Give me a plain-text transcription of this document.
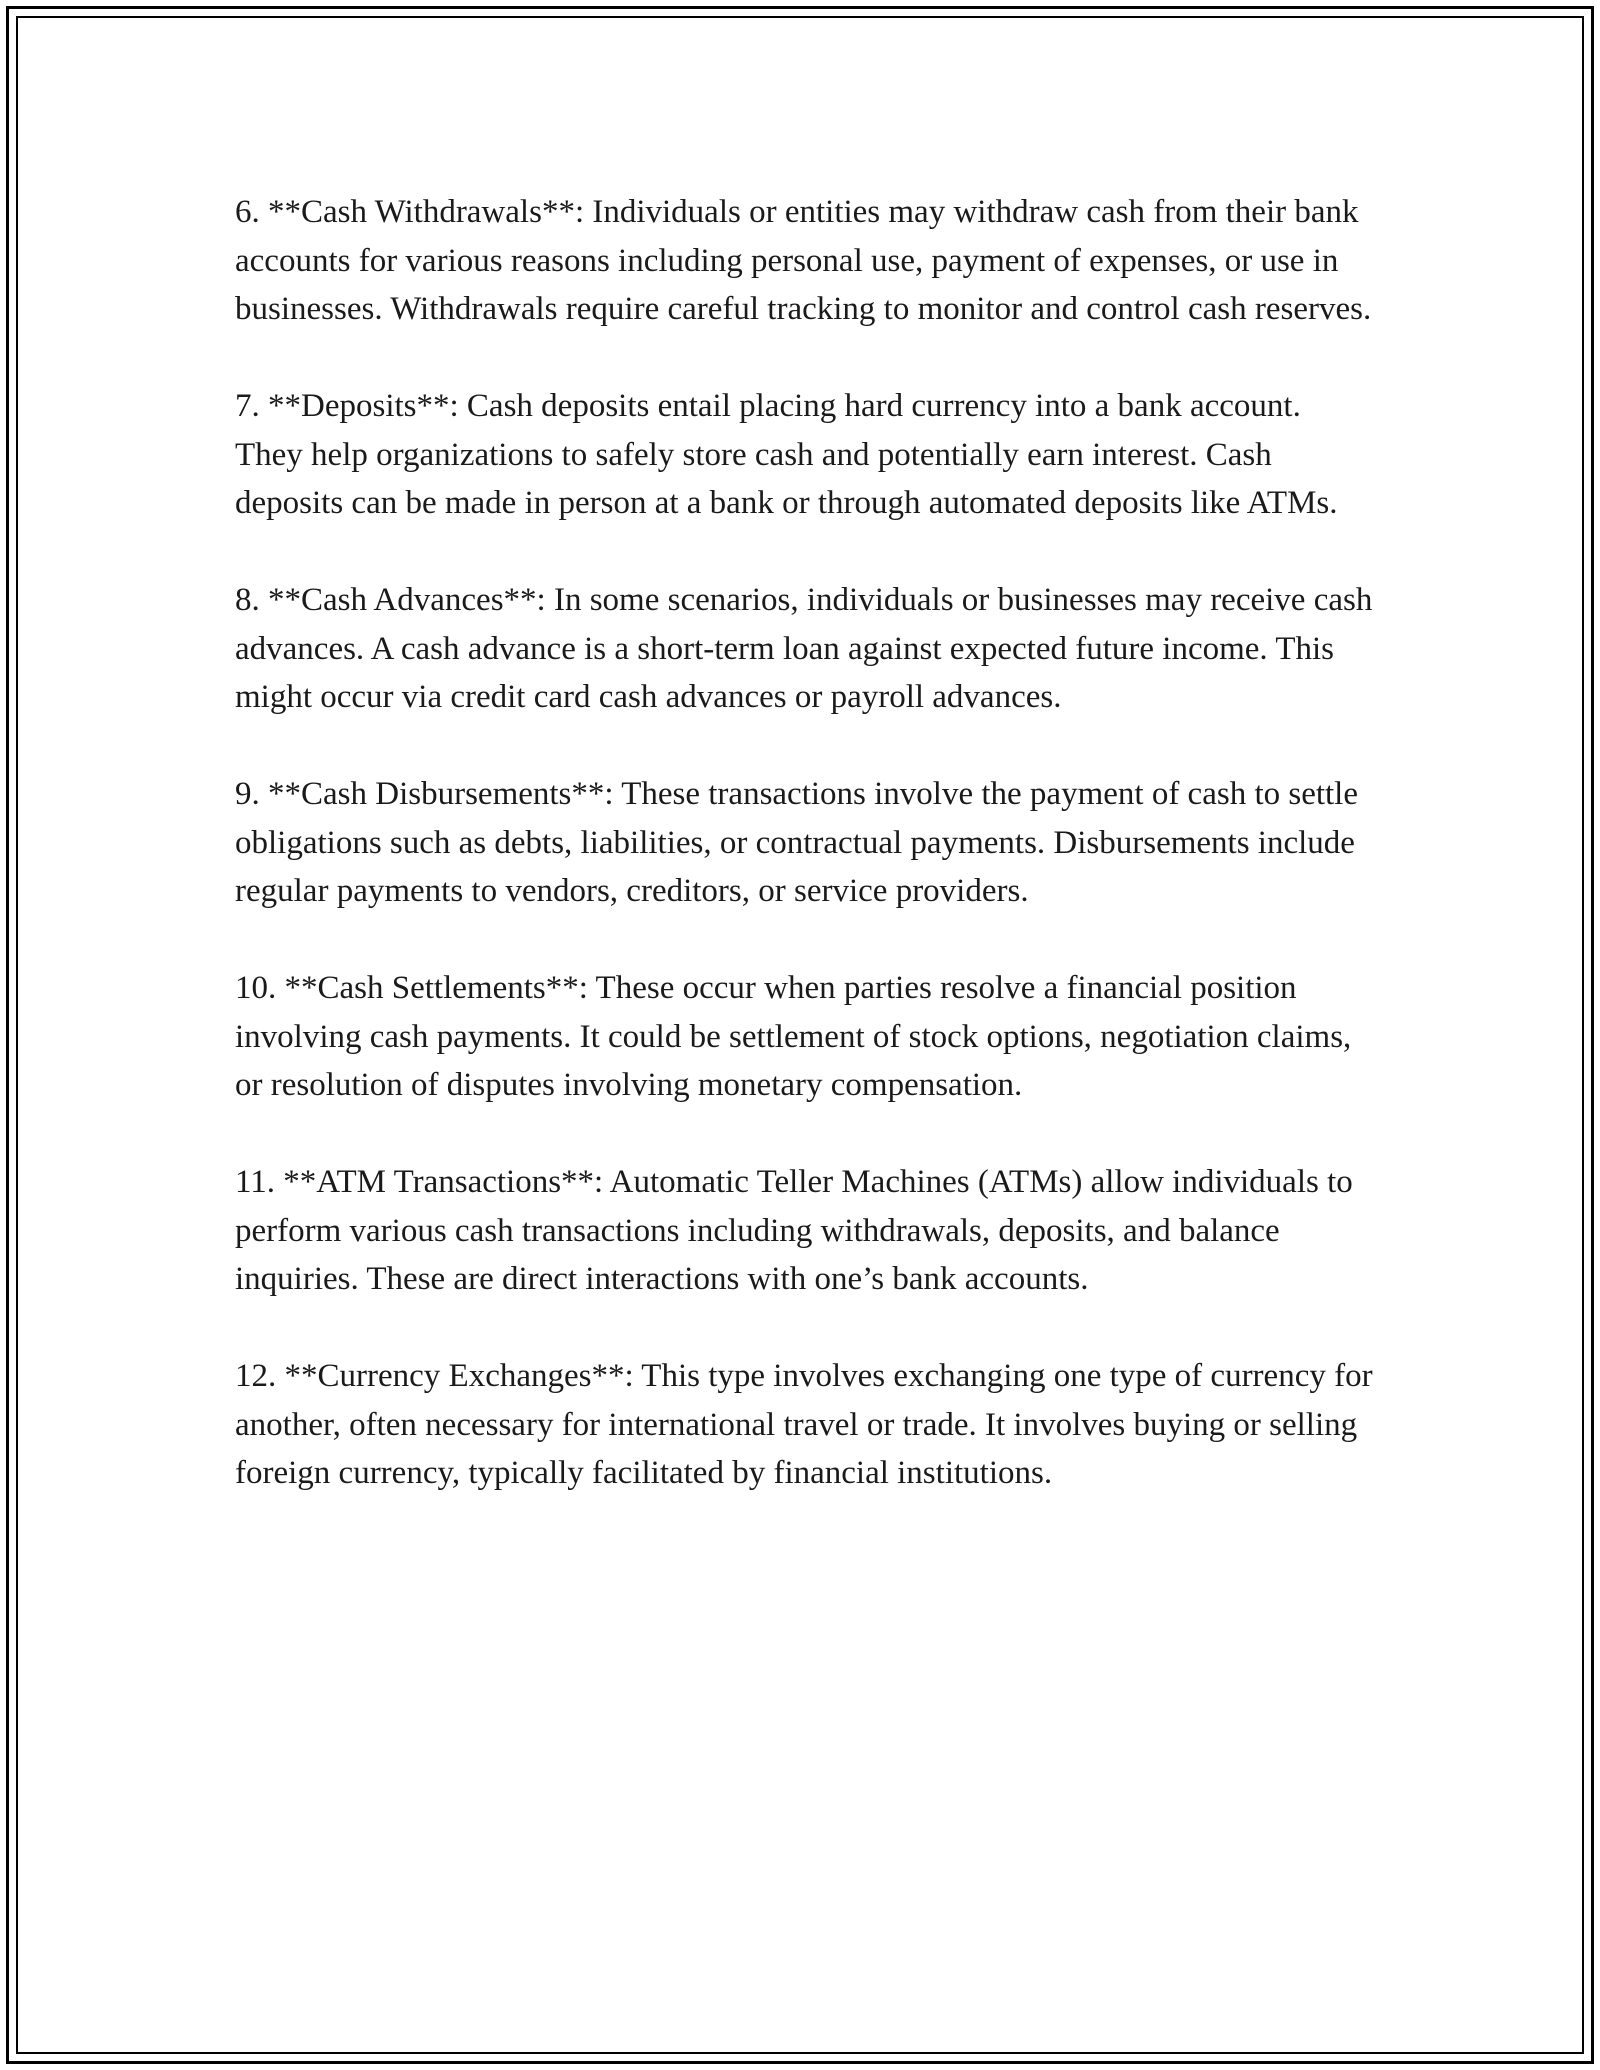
6. **Cash Withdrawals**: Individuals or entities may withdraw cash from their bank accounts for various reasons including personal use, payment of expenses, or use in businesses. Withdrawals require careful tracking to monitor and control cash reserves.

7. **Deposits**: Cash deposits entail placing hard currency into a bank account. They help organizations to safely store cash and potentially earn interest. Cash deposits can be made in person at a bank or through automated deposits like ATMs.

8. **Cash Advances**: In some scenarios, individuals or businesses may receive cash advances. A cash advance is a short-term loan against expected future income. This might occur via credit card cash advances or payroll advances.

9. **Cash Disbursements**: These transactions involve the payment of cash to settle obligations such as debts, liabilities, or contractual payments. Disbursements include regular payments to vendors, creditors, or service providers.

10. **Cash Settlements**: These occur when parties resolve a financial position involving cash payments. It could be settlement of stock options, negotiation claims, or resolution of disputes involving monetary compensation.

11. **ATM Transactions**: Automatic Teller Machines (ATMs) allow individuals to perform various cash transactions including withdrawals, deposits, and balance inquiries. These are direct interactions with one’s bank accounts.

12. **Currency Exchanges**: This type involves exchanging one type of currency for another, often necessary for international travel or trade. It involves buying or selling foreign currency, typically facilitated by financial institutions.
